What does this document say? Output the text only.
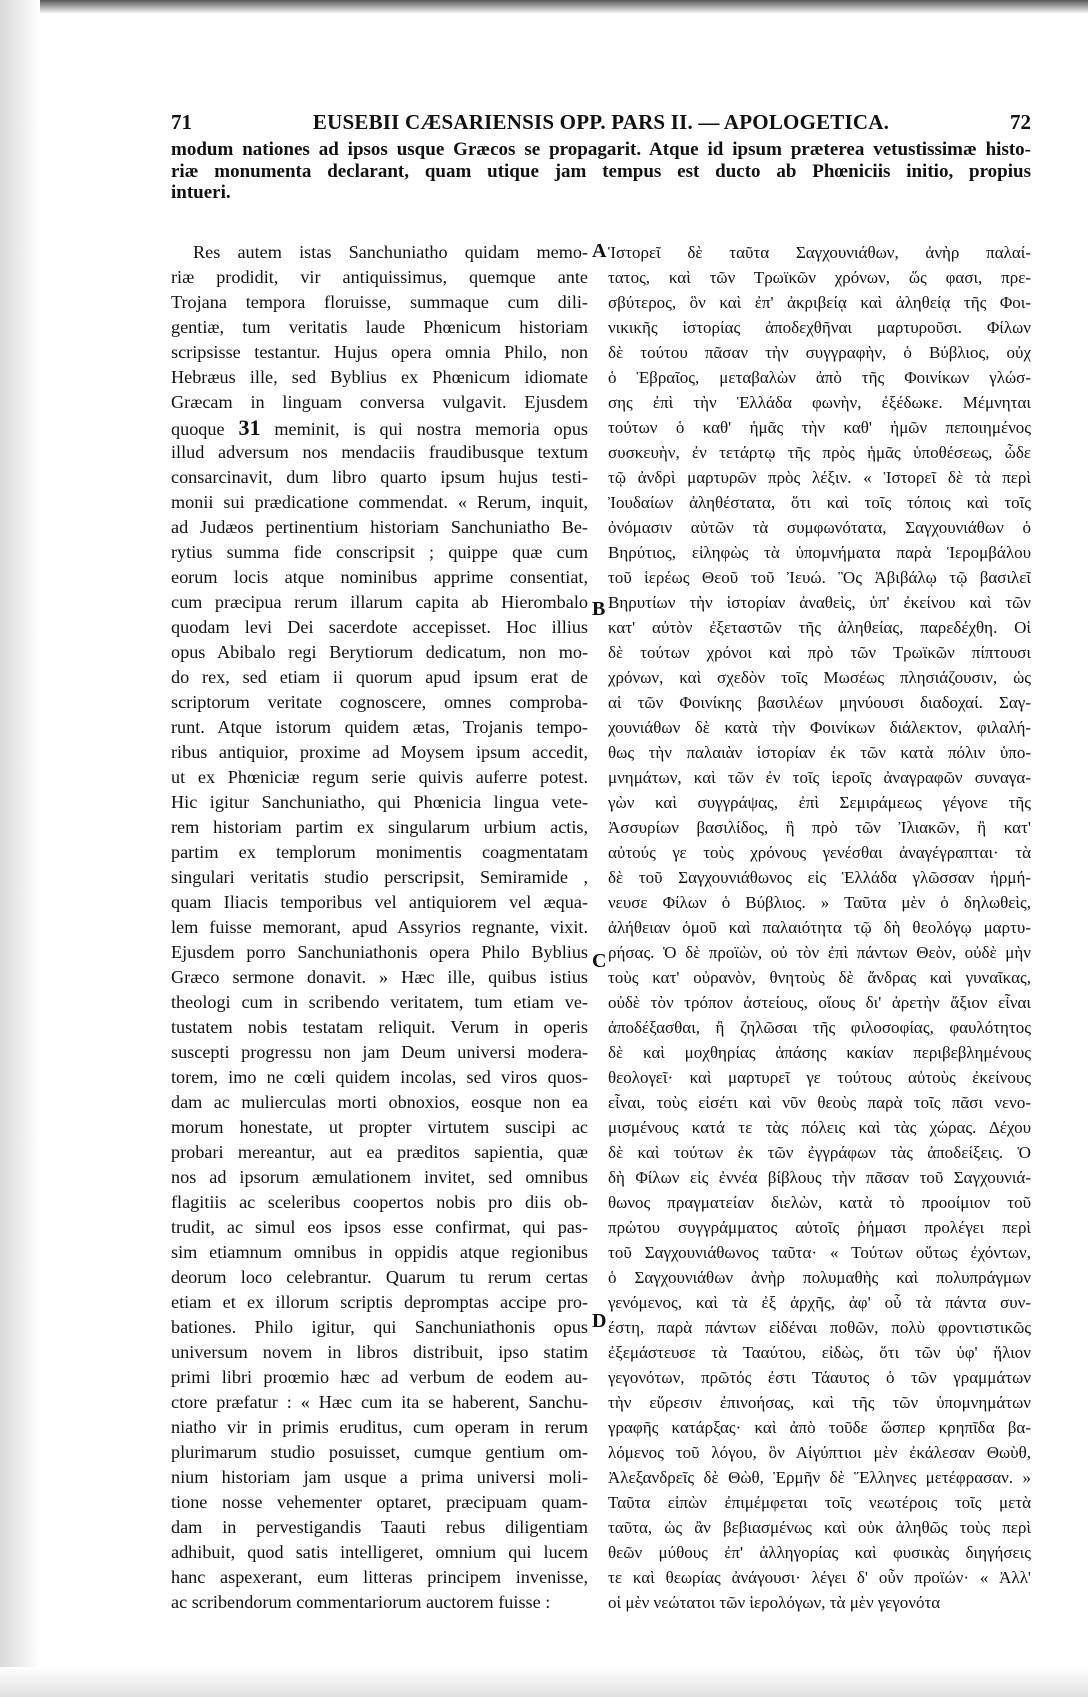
71	EUSEBII CÆSARIENSIS OPP. PARS II. — APOLOGETICA.	72
modum nationes ad ipsos usque Græcos se propagarit. Atque id ipsum præterea vetustissimæ histo-
riæ monumenta declarant, quam utique jam tempus est ducto ab Phœniciis initio, propius
intueri.
Res autem istas Sanchuniatho quidam memo-
riæ prodidit, vir antiquissimus, quemque ante
Trojana tempora floruisse, summaque cum dili-
gentiæ, tum veritatis laude Phœnicum historiam
scripsisse testantur. Hujus opera omnia Philo, non
Hebræus ille, sed Byblius ex Phœnicum idiomate
Græcam in linguam conversa vulgavit. Ejusdem
quoque 31 meminit, is qui nostra memoria opus
illud adversum nos mendaciis fraudibusque textum
consarcinavit, dum libro quarto ipsum hujus testi-
monii sui prædicatione commendat. « Rerum, inquit,
ad Judæos pertinentium historiam Sanchuniatho Be-
rytius summa fide conscripsit ; quippe quæ cum
eorum locis atque nominibus apprime consentiat,
cum præcipua rerum illarum capita ab Hierombalo
quodam levi Dei sacerdote accepisset. Hoc illius
opus Abibalo regi Berytiorum dedicatum, non mo-
do rex, sed etiam ii quorum apud ipsum erat de
scriptorum veritate cognoscere, omnes comproba-
runt. Atque istorum quidem ætas, Trojanis tempo-
ribus antiquior, proxime ad Moysem ipsum accedit,
ut ex Phœniciæ regum serie quivis auferre potest.
Hic igitur Sanchuniatho, qui Phœnicia lingua vete-
rem historiam partim ex singularum urbium actis,
partim ex templorum monimentis coagmentatam
singulari veritatis studio perscripsit, Semiramide ,
quam Iliacis temporibus vel antiquiorem vel æqua-
lem fuisse memorant, apud Assyrios regnante, vixit.
Ejusdem porro Sanchuniathonis opera Philo Byblius
Græco sermone donavit. » Hæc ille, quibus istius
theologi cum in scribendo veritatem, tum etiam ve-
tustatem nobis testatam reliquit. Verum in operis
suscepti progressu non jam Deum universi modera-
torem, imo ne cœli quidem incolas, sed viros quos-
dam ac mulierculas morti obnoxios, eosque non ea
morum honestate, ut propter virtutem suscipi ac
probari mereantur, aut ea præditos sapientia, quæ
nos ad ipsorum æmulationem invitet, sed omnibus
flagitiis ac sceleribus coopertos nobis pro diis ob-
trudit, ac simul eos ipsos esse confirmat, qui pas-
sim etiamnum omnibus in oppidis atque regionibus
deorum loco celebrantur. Quarum tu rerum certas
etiam et ex illorum scriptis depromptas accipe pro-
bationes. Philo igitur, qui Sanchuniathonis opus
universum novem in libros distribuit, ipso statim
primi libri proœmio hæc ad verbum de eodem au-
ctore præfatur : « Hæc cum ita se haberent, Sanchu-
niatho vir in primis eruditus, cum operam in rerum
plurimarum studio posuisset, cumque gentium om-
nium historiam jam usque a prima universi moli-
tione nosse vehementer optaret, præcipuam quam-
dam in pervestigandis Taauti rebus diligentiam
adhibuit, quod satis intelligeret, omnium qui lucem
hanc aspexerant, eum litteras principem invenisse,
ac scribendorum commentariorum auctorem fuisse :
A
B
C
D
Ἱστορεῖ δὲ ταῦτα Σαγχουνιάθων, ἀνὴρ παλαί-
τατος, καὶ τῶν Τρωϊκῶν χρόνων, ὥς φασι, πρε-
σβύτερος, ὃν καὶ ἐπ' ἀκριβείᾳ καὶ ἀληθείᾳ τῆς Φοι-
νικικῆς ἱστορίας ἀποδεχθῆναι μαρτυροῦσι. Φίλων
δὲ τούτου πᾶσαν τὴν συγγραφὴν, ὁ Βύβλιος, οὐχ
ὁ Ἑβραῖος, μεταβαλὼν ἀπὸ τῆς Φοινίκων γλώσ-
σης ἐπὶ τὴν Ἑλλάδα φωνὴν, ἐξέδωκε. Μέμνηται
τούτων ὁ καθ' ἡμᾶς τὴν καθ' ἡμῶν πεποιημένος
συσκευὴν, ἐν τετάρτῳ τῆς πρὸς ἡμᾶς ὑποθέσεως, ὧδε
τῷ ἀνδρὶ μαρτυρῶν πρὸς λέξιν. « Ἱστορεῖ δὲ τὰ περὶ
Ἰουδαίων ἀληθέστατα, ὅτι καὶ τοῖς τόποις καὶ τοῖς
ὀνόμασιν αὐτῶν τὰ συμφωνότατα, Σαγχουνιάθων ὁ
Βηρύτιος, εἰληφὼς τὰ ὑπομνήματα παρὰ Ἱερομβάλου
τοῦ ἱερέως Θεοῦ τοῦ Ἰευώ. Ὃς Ἀβιβάλῳ τῷ βασιλεῖ
Βηρυτίων τὴν ἱστορίαν ἀναθεὶς, ὑπ' ἐκείνου καὶ τῶν
κατ' αὐτὸν ἐξεταστῶν τῆς ἀληθείας, παρεδέχθη. Οἱ
δὲ τούτων χρόνοι καὶ πρὸ τῶν Τρωϊκῶν πίπτουσι
χρόνων, καὶ σχεδὸν τοῖς Μωσέως πλησιάζουσιν, ὡς
αἱ τῶν Φοινίκης βασιλέων μηνύουσι διαδοχαί. Σαγ-
χουνιάθων δὲ κατὰ τὴν Φοινίκων διάλεκτον, φιλαλή-
θως τὴν παλαιὰν ἱστορίαν ἐκ τῶν κατὰ πόλιν ὑπο-
μνημάτων, καὶ τῶν ἐν τοῖς ἱεροῖς ἀναγραφῶν συναγα-
γὼν καὶ συγγράψας, ἐπὶ Σεμιράμεως γέγονε τῆς
Ἀσσυρίων βασιλίδος, ἣ πρὸ τῶν Ἰλιακῶν, ἢ κατ'
αὐτούς γε τοὺς χρόνους γενέσθαι ἀναγέγραπται· τὰ
δὲ τοῦ Σαγχουνιάθωνος εἰς Ἑλλάδα γλῶσσαν ἡρμή-
νευσε Φίλων ὁ Βύβλιος. » Ταῦτα μὲν ὁ δηλωθεὶς,
ἀλήθειαν ὁμοῦ καὶ παλαιότητα τῷ δὴ θεολόγῳ μαρτυ-
ρήσας. Ὁ δὲ προϊὼν, οὐ τὸν ἐπὶ πάντων Θεὸν, οὐδὲ μὴν
τοὺς κατ' οὐρανὸν, θνητοὺς δὲ ἄνδρας καὶ γυναῖκας,
οὐδὲ τὸν τρόπον ἀστείους, οἵους δι' ἀρετὴν ἄξιον εἶναι
ἀποδέξασθαι, ἢ ζηλῶσαι τῆς φιλοσοφίας, φαυλότητος
δὲ καὶ μοχθηρίας ἁπάσης κακίαν περιβεβλημένους
θεολογεῖ· καὶ μαρτυρεῖ γε τούτους αὐτοὺς ἐκείνους
εἶναι, τοὺς εἰσέτι καὶ νῦν θεοὺς παρὰ τοῖς πᾶσι νενο-
μισμένους κατά τε τὰς πόλεις καὶ τὰς χώρας. Δέχου
δὲ καὶ τούτων ἐκ τῶν ἐγγράφων τὰς ἀποδείξεις. Ὁ
δὴ Φίλων εἰς ἐννέα βίβλους τὴν πᾶσαν τοῦ Σαγχουνιά-
θωνος πραγματείαν διελὼν, κατὰ τὸ προοίμιον τοῦ
πρώτου συγγράμματος αὐτοῖς ῥήμασι προλέγει περὶ
τοῦ Σαγχουνιάθωνος ταῦτα· « Τούτων οὕτως ἐχόντων,
ὁ Σαγχουνιάθων ἀνὴρ πολυμαθὴς καὶ πολυπράγμων
γενόμενος, καὶ τὰ ἐξ ἀρχῆς, ἀφ' οὗ τὰ πάντα συν-
έστη, παρὰ πάντων εἰδέναι ποθῶν, πολὺ φροντιστικῶς
ἐξεμάστευσε τὰ Τααύτου, εἰδὼς, ὅτι τῶν ὑφ' ἥλιον
γεγονότων, πρῶτός ἐστι Τάαυτος ὁ τῶν γραμμάτων
τὴν εὕρεσιν ἐπινοήσας, καὶ τῆς τῶν ὑπομνημάτων
γραφῆς κατάρξας· καὶ ἀπὸ τοῦδε ὥσπερ κρηπῖδα βα-
λόμενος τοῦ λόγου, ὃν Αἰγύπτιοι μὲν ἐκάλεσαν Θωὺθ,
Ἀλεξανδρεῖς δὲ Θὼθ, Ἑρμῆν δὲ Ἕλληνες μετέφρασαν. »
Ταῦτα εἰπὼν ἐπιμέμφεται τοῖς νεωτέροις τοῖς μετὰ
ταῦτα, ὡς ἂν βεβιασμένως καὶ οὐκ ἀληθῶς τοὺς περὶ
θεῶν μύθους ἐπ' ἀλληγορίας καὶ φυσικὰς διηγήσεις
τε καὶ θεωρίας ἀνάγουσι· λέγει δ' οὖν προϊών· « Ἀλλ'
οἱ μὲν νεώτατοι τῶν ἱερολόγων, τὰ μὲν γεγονότα
